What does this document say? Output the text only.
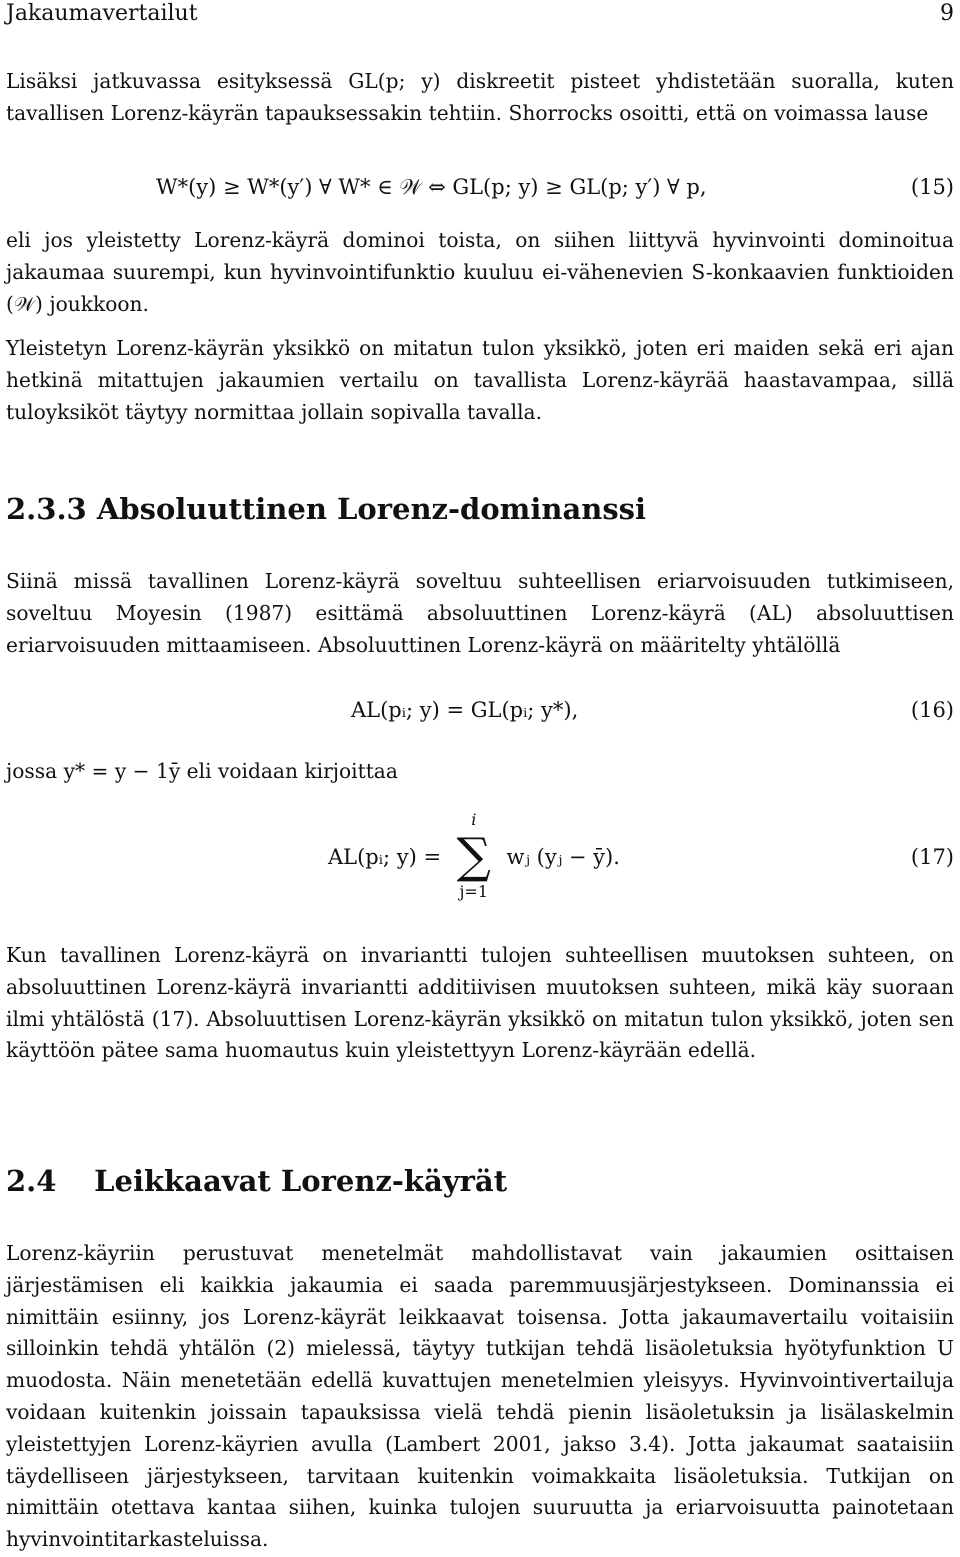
Jakaumavertailut	9

Lisäksi jatkuvassa esityksessä GL(p; y) diskreetit pisteet yhdistetään suoralla, kuten tavallisen Lorenz-käyrän tapauksessakin tehtiin. Shorrocks osoitti, että on voimassa lause

W*(y) ≥ W*(y′) ∀ W* ∈ 𝒲 ⇔ GL(p; y) ≥ GL(p; y′) ∀ p,	(15)

eli jos yleistetty Lorenz-käyrä dominoi toista, on siihen liittyvä hyvinvointi dominoitua jakaumaa suurempi, kun hyvinvointifunktio kuuluu ei-vähenevien S-konkaavien funktioiden (𝒲) joukkoon.

Yleistetyn Lorenz-käyrän yksikkö on mitatun tulon yksikkö, joten eri maiden sekä eri ajan hetkinä mitattujen jakaumien vertailu on tavallista Lorenz-käyrää haastavampaa, sillä tuloyksiköt täytyy normittaa jollain sopivalla tavalla.

2.3.3 Absoluuttinen Lorenz-dominanssi

Siinä missä tavallinen Lorenz-käyrä soveltuu suhteellisen eriarvoisuuden tutkimiseen, soveltuu Moyesin (1987) esittämä absoluuttinen Lorenz-käyrä (AL) absoluuttisen eriarvoisuuden mittaamiseen. Absoluuttinen Lorenz-käyrä on määritelty yhtälöllä

AL(pᵢ; y) = GL(pᵢ; y*),	(16)

jossa y* = y − 1ȳ eli voidaan kirjoittaa

AL(pᵢ; y) =
i
∑
j=1
wⱼ (yⱼ − ȳ).	(17)

Kun tavallinen Lorenz-käyrä on invariantti tulojen suhteellisen muutoksen suhteen, on absoluuttinen Lorenz-käyrä invariantti additiivisen muutoksen suhteen, mikä käy suoraan ilmi yhtälöstä (17). Absoluuttisen Lorenz-käyrän yksikkö on mitatun tulon yksikkö, joten sen käyttöön pätee sama huomautus kuin yleistettyyn Lorenz-käyrään edellä.

2.4 Leikkaavat Lorenz-käyrät

Lorenz-käyriin perustuvat menetelmät mahdollistavat vain jakaumien osittaisen järjestämisen eli kaikkia jakaumia ei saada paremmuusjärjestykseen. Dominanssia ei nimittäin esiinny, jos Lorenz-käyrät leikkaavat toisensa. Jotta jakaumavertailu voitaisiin silloinkin tehdä yhtälön (2) mielessä, täytyy tutkijan tehdä lisäoletuksia hyötyfunktion U muodosta. Näin menetetään edellä kuvattujen menetelmien yleisyys. Hyvinvointivertailuja voidaan kuitenkin joissain tapauksissa vielä tehdä pienin lisäoletuksin ja lisälaskelmin yleistettyjen Lorenz-käyrien avulla (Lambert 2001, jakso 3.4). Jotta jakaumat saataisiin täydelliseen järjestykseen, tarvitaan kuitenkin voimakkaita lisäoletuksia. Tutkijan on nimittäin otettava kantaa siihen, kuinka tulojen suuruutta ja eriarvoisuutta painotetaan hyvinvointitarkasteluissa.
